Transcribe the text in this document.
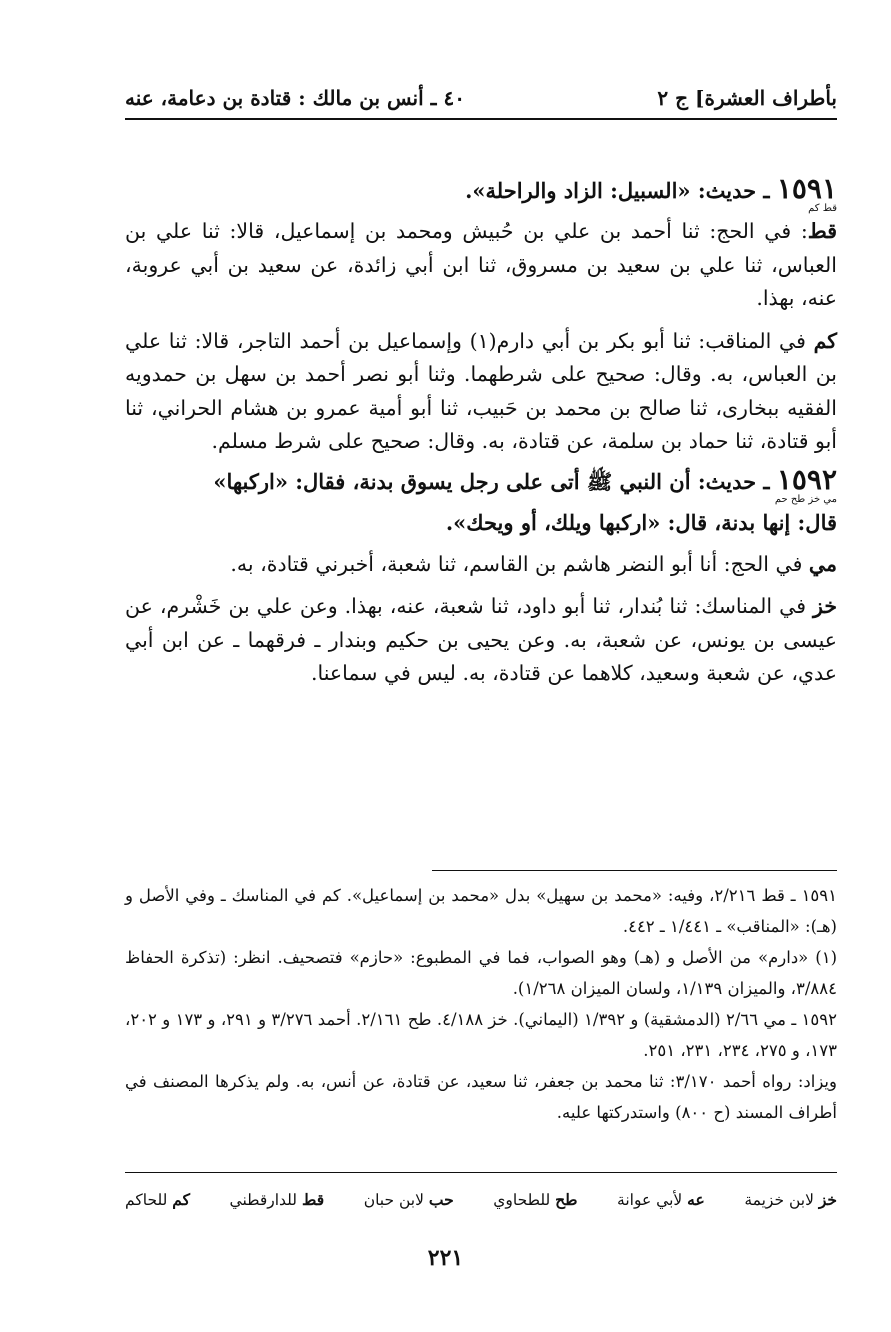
بأطراف العشرة] ج ٢
٤٠ ـ أنس بن مالك : قتادة بن دعامة، عنه

١٥٩١ ـ حديث: «السبيل: الزاد والراحلة».

قط كم

قط: في الحج: ثنا أحمد بن علي بن حُبيش ومحمد بن إسماعيل، قالا: ثنا علي بن العباس، ثنا علي بن سعيد بن مسروق، ثنا ابن أبي زائدة، عن سعيد بن أبي عروبة، عنه، بهذا.

كم في المناقب: ثنا أبو بكر بن أبي دارم(١) وإسماعيل بن أحمد التاجر، قالا: ثنا علي بن العباس، به. وقال: صحيح على شرطهما. وثنا أبو نصر أحمد بن سهل بن حمدويه الفقيه ببخارى، ثنا صالح بن محمد بن حَبيب، ثنا أبو أمية عمرو بن هشام الحراني، ثنا أبو قتادة، ثنا حماد بن سلمة، عن قتادة، به. وقال: صحيح على شرط مسلم.

١٥٩٢ ـ حديث: أن النبي ﷺ أتى على رجل يسوق بدنة، فقال: «اركبها»

مي خز طح حم

قال: إنها بدنة، قال: «اركبها ويلك، أو ويحك».

مي في الحج: أنا أبو النضر هاشم بن القاسم، ثنا شعبة، أخبرني قتادة، به.

خز في المناسك: ثنا بُندار، ثنا أبو داود، ثنا شعبة، عنه، بهذا. وعن علي بن خَشْرم، عن عيسى بن يونس، عن شعبة، به. وعن يحيى بن حكيم وبندار ـ فرقهما ـ عن ابن أبي عدي، عن شعبة وسعيد، كلاهما عن قتادة، به. ليس في سماعنا.

١٥٩١ ـ قط ٢/٢١٦، وفيه: «محمد بن سهيل» بدل «محمد بن إسماعيل». كم في المناسك ـ وفي الأصل و (هـ): «المناقب» ـ ١/٤٤١ ـ ٤٤٢.

(١) «دارم» من الأصل و (هـ) وهو الصواب، فما في المطبوع: «حازم» فتصحيف. انظر: (تذكرة الحفاظ ٣/٨٨٤، والميزان ١/١٣٩، ولسان الميزان ١/٢٦٨).

١٥٩٢ ـ مي ٢/٦٦ (الدمشقية) و ١/٣٩٢ (اليماني). خز ٤/١٨٨. طح ٢/١٦١. أحمد ٣/٢٧٦ و ٢٩١، و ١٧٣ و ٢٠٢، ١٧٣، و ٢٧٥، ٢٣٤، ٢٣١، ٢٥١.

ويزاد: رواه أحمد ٣/١٧٠: ثنا محمد بن جعفر، ثنا سعيد، عن قتادة، عن أنس، به. ولم يذكرها المصنف في أطراف المسند (ح ٨٠٠) واستدركتها عليه.

خز لابن خزيمة
عه لأبي عوانة
طح للطحاوي
حب لابن حبان
قط للدارقطني
كم للحاكم
٢٢١
